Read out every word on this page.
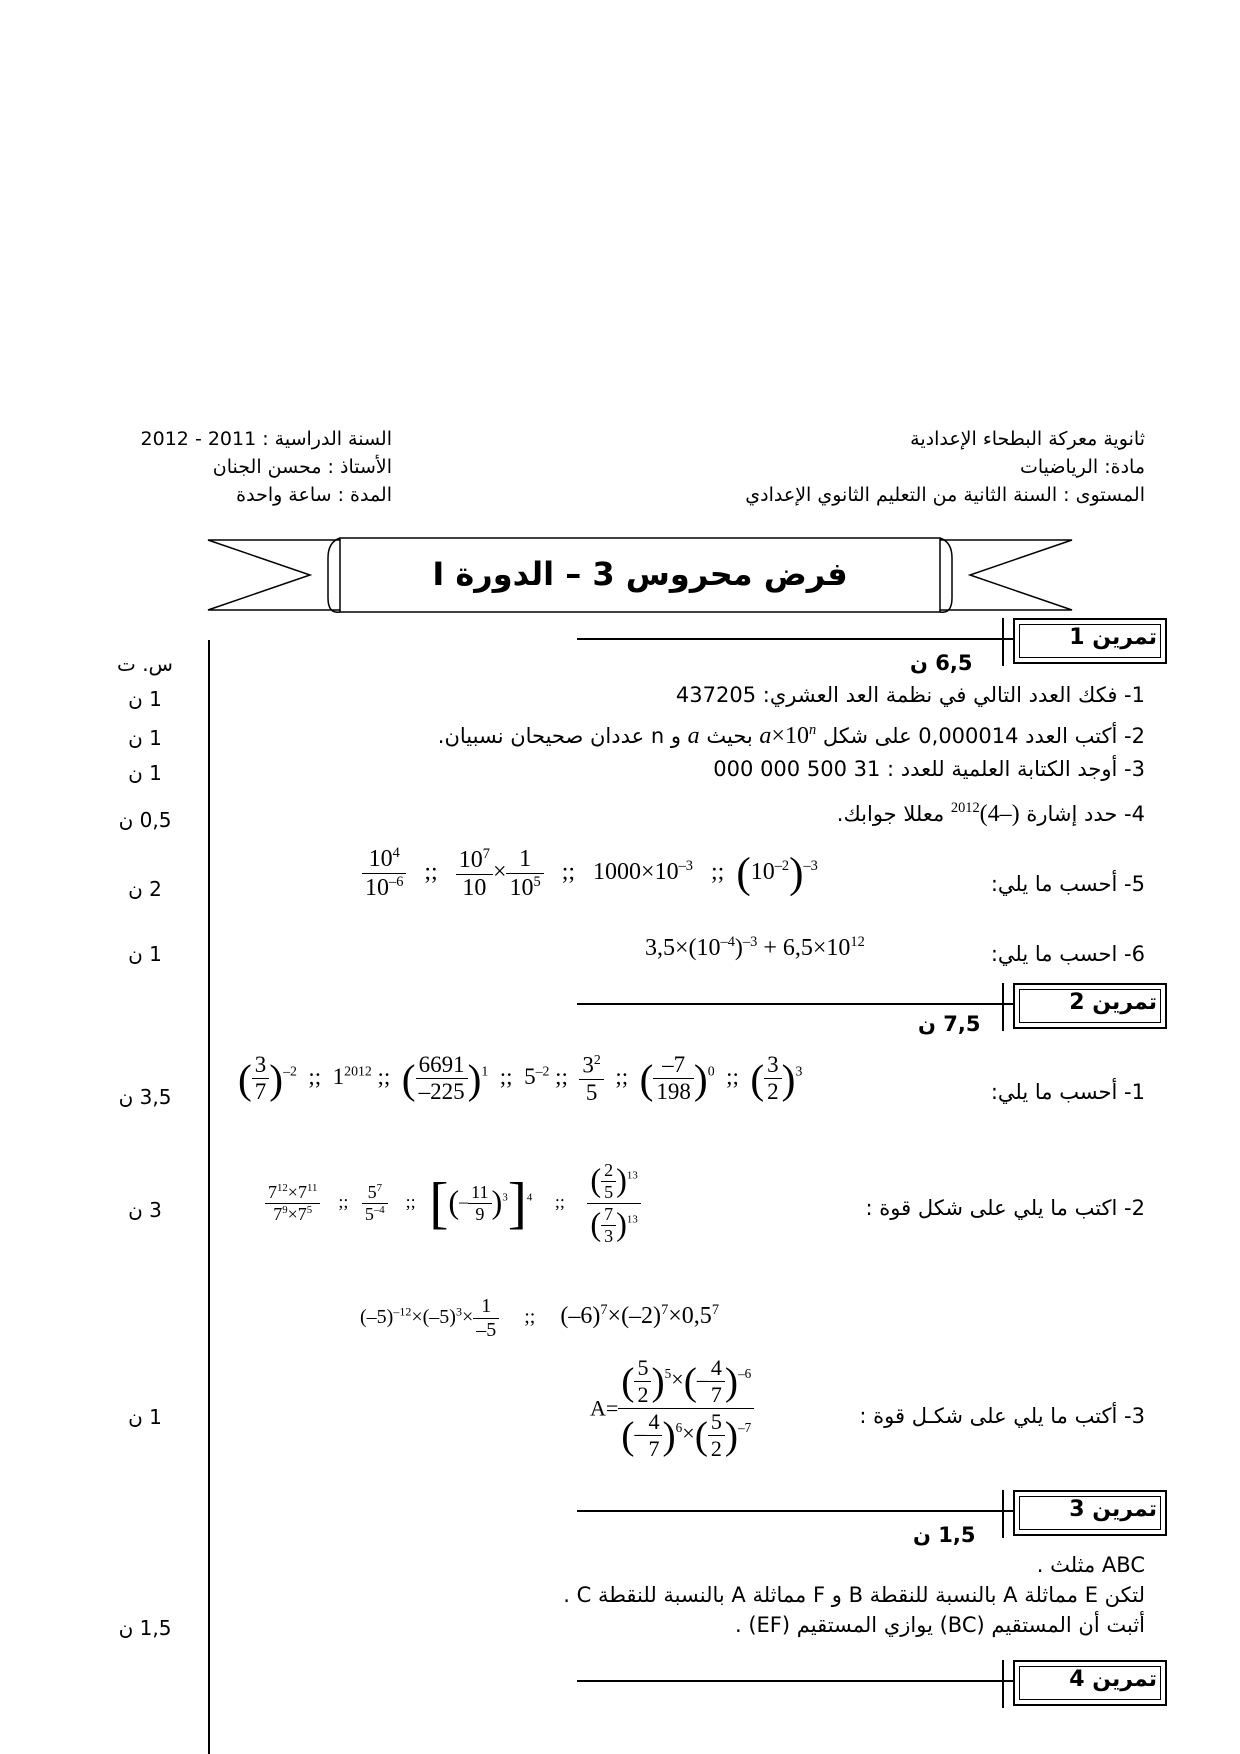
ثانوية معركة البطحاء الإعدادية
مادة: الرياضيات
المستوى : السنة الثانية من التعليم الثانوي الإعدادي
السنة الدراسية : 2011 - 2012
الأستاذ : محسن الجنان
المدة : ساعة واحدة
فرض محروس 3 – الدورة I
س. ت
تمرين 1
6,5 ن
1- فكك العدد التالي في نظمة العد العشري: 437205
1 ن
2- أكتب العدد 0,000014 على شكل $a\times 10^n$ بحيث a و n عددان صحيحان نسبيان.
1 ن
3- أوجد الكتابة العلمية للعدد : 31 500 000 000
1 ن
4- حدد إشارة $(-4)^{2012}$ معللا جوابك.
0,5 ن
5- أحسب ما يلي:
$\frac{10^4}{10^{-6}}$ ;; $\frac{10^7}{10} \times \frac{1}{10^5}$ ;;   $1000\times 10^{-3}$ ;; $(10^{-2})^{-3}$
2 ن
6- احسب ما يلي:
$3,5\times(10^{-4})^{-3} + 6,5\times 10^{12}$
1 ن
تمرين 2
7,5 ن
1- أحسب ما يلي:
( $\frac{3}{7} )^{-2}$ ;;  $1^{2012}$ ;; ( $\frac{6691}{-225} )^1$ ;;  $5^{-2}$ ;; $\frac{3^2}{5}$ ;; ( $\frac{-7}{198} )^0$ ;; ( $\frac{3}{2} )^3$
3,5 ن
2- اكتب ما يلي على شكل قوة :
$\frac{7^{12}\times 7^{11}}{7^9\times 7^5}$ ;; $\frac{5^7}{5^{-4}}$ ;; [(– $\frac{11}{9} )^3]^4$ ;; $\frac{( \frac{2}{5} )^{13}}{( \frac{7}{3} )^{13}}$
3 ن
$(-5)^{-12}\times(-5)^3\times \frac{1}{-5}$ ;; $(-6)^7\times(-2)^7\times 0,5^7$
3- أكتب ما يلي على شكـل قوة :
$A= \frac{( \frac{5}{2} )^5\times(- \frac{4}{7} )^{-6}}{(- \frac{4}{7} )^6\times( \frac{5}{2} )^{-7}}$
1 ن
تمرين 3
1,5 ن
ABC مثلث .
لتكن E مماثلة A بالنسبة للنقطة B و F مماثلة A بالنسبة للنقطة C .
أثبت أن المستقيم (BC) يوازي المستقيم (EF) .
1,5 ن
تمرين 4
